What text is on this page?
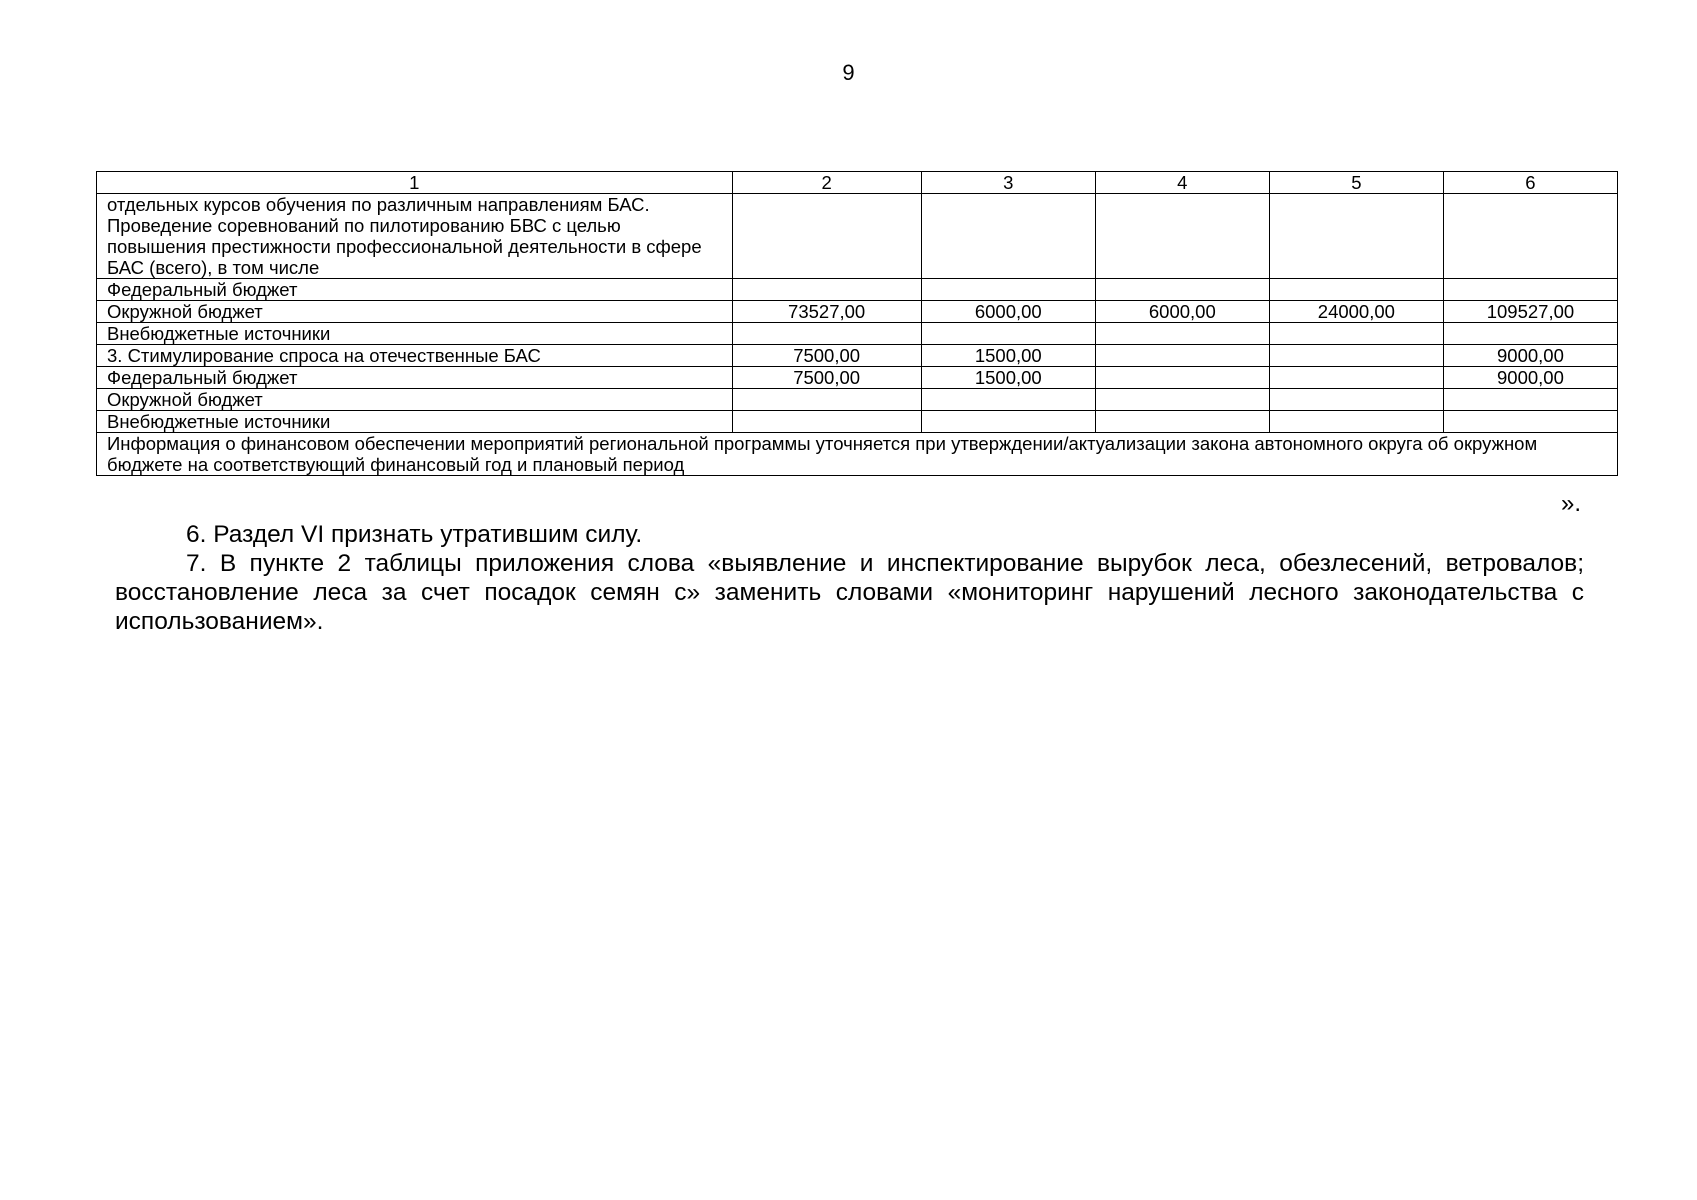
9
1	2	3	4	5	6
отдельных курсов обучения по различным направлениям БАС. Проведение соревнований по пилотированию БВС с целью повышения престижности профессиональной деятельности в сфере БАС (всего), в том числе					
Федеральный бюджет					
Окружной бюджет	73527,00	6000,00	6000,00	24000,00	109527,00
Внебюджетные источники					
3. Стимулирование спроса на отечественные БАС	7500,00	1500,00			9000,00
Федеральный бюджет	7500,00	1500,00			9000,00
Окружной бюджет					
Внебюджетные источники					
Информация о финансовом обеспечении мероприятий региональной программы уточняется при утверждении/актуализации закона автономного округа об окружном бюджете на соответствующий финансовый год и плановый период					
».
6. Раздел VI признать утратившим силу.
7. В пункте 2 таблицы приложения слова «выявление и инспектирование вырубок леса, обезлесений, ветровалов; восстановление леса за счет посадок семян с» заменить словами «мониторинг нарушений лесного законодательства с использованием».
